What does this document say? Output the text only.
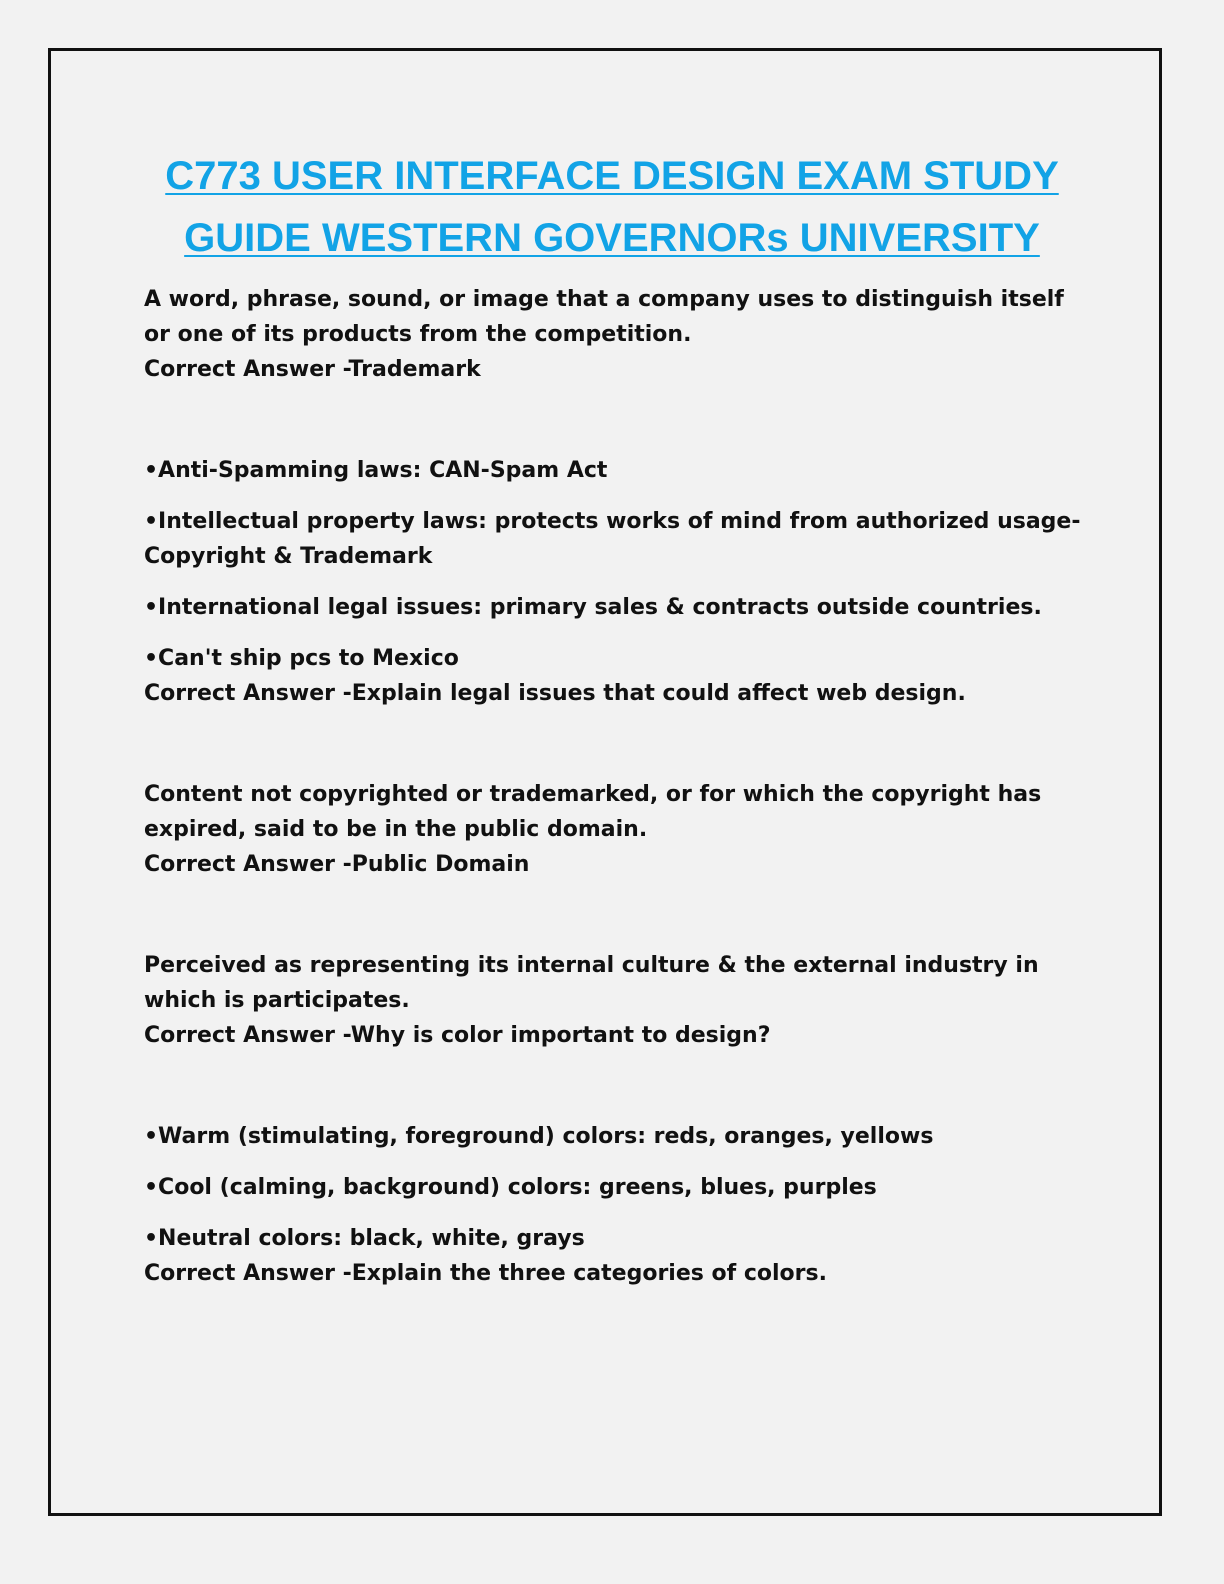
C773 USER INTERFACE DESIGN EXAM STUDY
GUIDE WESTERN GOVERNORs UNIVERSITY

A word, phrase, sound, or image that a company uses to distinguish itself

or one of its products from the competition.

Correct Answer -Trademark

•Anti-Spamming laws: CAN-Spam Act

•Intellectual property laws: protects works of mind from authorized usage-

Copyright & Trademark

•International legal issues: primary sales & contracts outside countries.

•Can't ship pcs to Mexico

Correct Answer -Explain legal issues that could affect web design.

Content not copyrighted or trademarked, or for which the copyright has

expired, said to be in the public domain.

Correct Answer -Public Domain

Perceived as representing its internal culture & the external industry in

which is participates.

Correct Answer -Why is color important to design?

•Warm (stimulating, foreground) colors: reds, oranges, yellows

•Cool (calming, background) colors: greens, blues, purples

•Neutral colors: black, white, grays

Correct Answer -Explain the three categories of colors.
